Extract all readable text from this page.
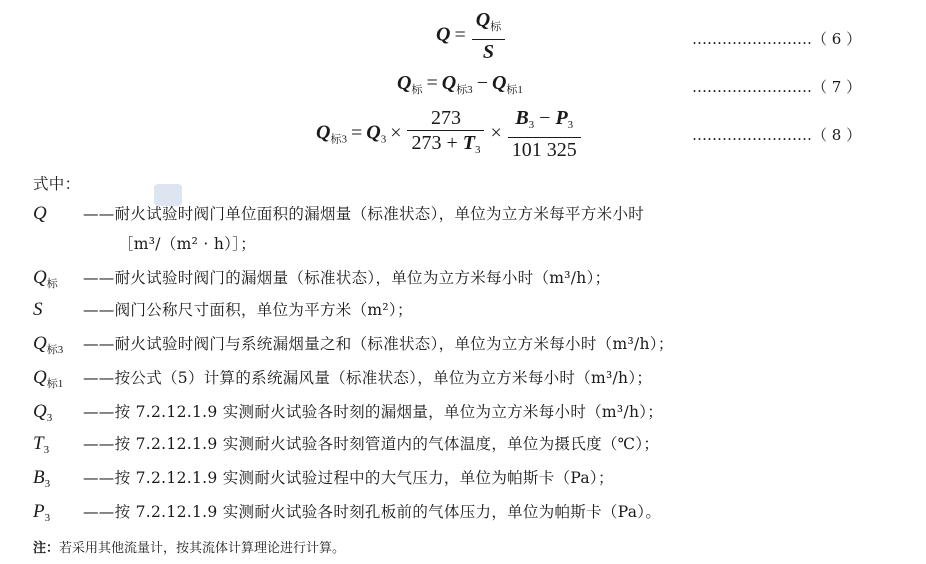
$Q = \frac{Q_标}{S}$	……………………（ 6 ）
$Q_标 = Q_{标3} - Q_{标1}$	……………………（ 7 ）
$Q_{标3} = Q_3 \times \frac{273}{273 + T_3} \times \frac{B_3 - P_3}{101 325}$	……………………（ 8 ）
式中：
Q ——耐火试验时阀门单位面积的漏烟量（标准状态），单位为立方米每平方米小时
［m³/（m² · h）］；
$Q_标$ ——耐火试验时阀门的漏烟量（标准状态），单位为立方米每小时（m³/h）；
S	——阀门公称尺寸面积，单位为平方米（m²）；
$Q_{标3}$ ——耐火试验时阀门与系统漏烟量之和（标准状态），单位为立方米每小时（m³/h）；
$Q_{标1}$ ——按公式（5）计算的系统漏风量（标准状态），单位为立方米每小时（m³/h）；
$Q_3$ ——按 7.2.12.1.9 实测耐火试验各时刻的漏烟量，单位为立方米每小时（m³/h）；
$T_3$ ——按 7.2.12.1.9 实测耐火试验各时刻管道内的气体温度，单位为摄氏度（℃）；
$B_3$ ——按 7.2.12.1.9 实测耐火试验过程中的大气压力，单位为帕斯卡（Pa）；
$P_3$ ——按 7.2.12.1.9 实测耐火试验各时刻孔板前的气体压力，单位为帕斯卡（Pa）。
注：若采用其他流量计，按其流体计算理论进行计算。
